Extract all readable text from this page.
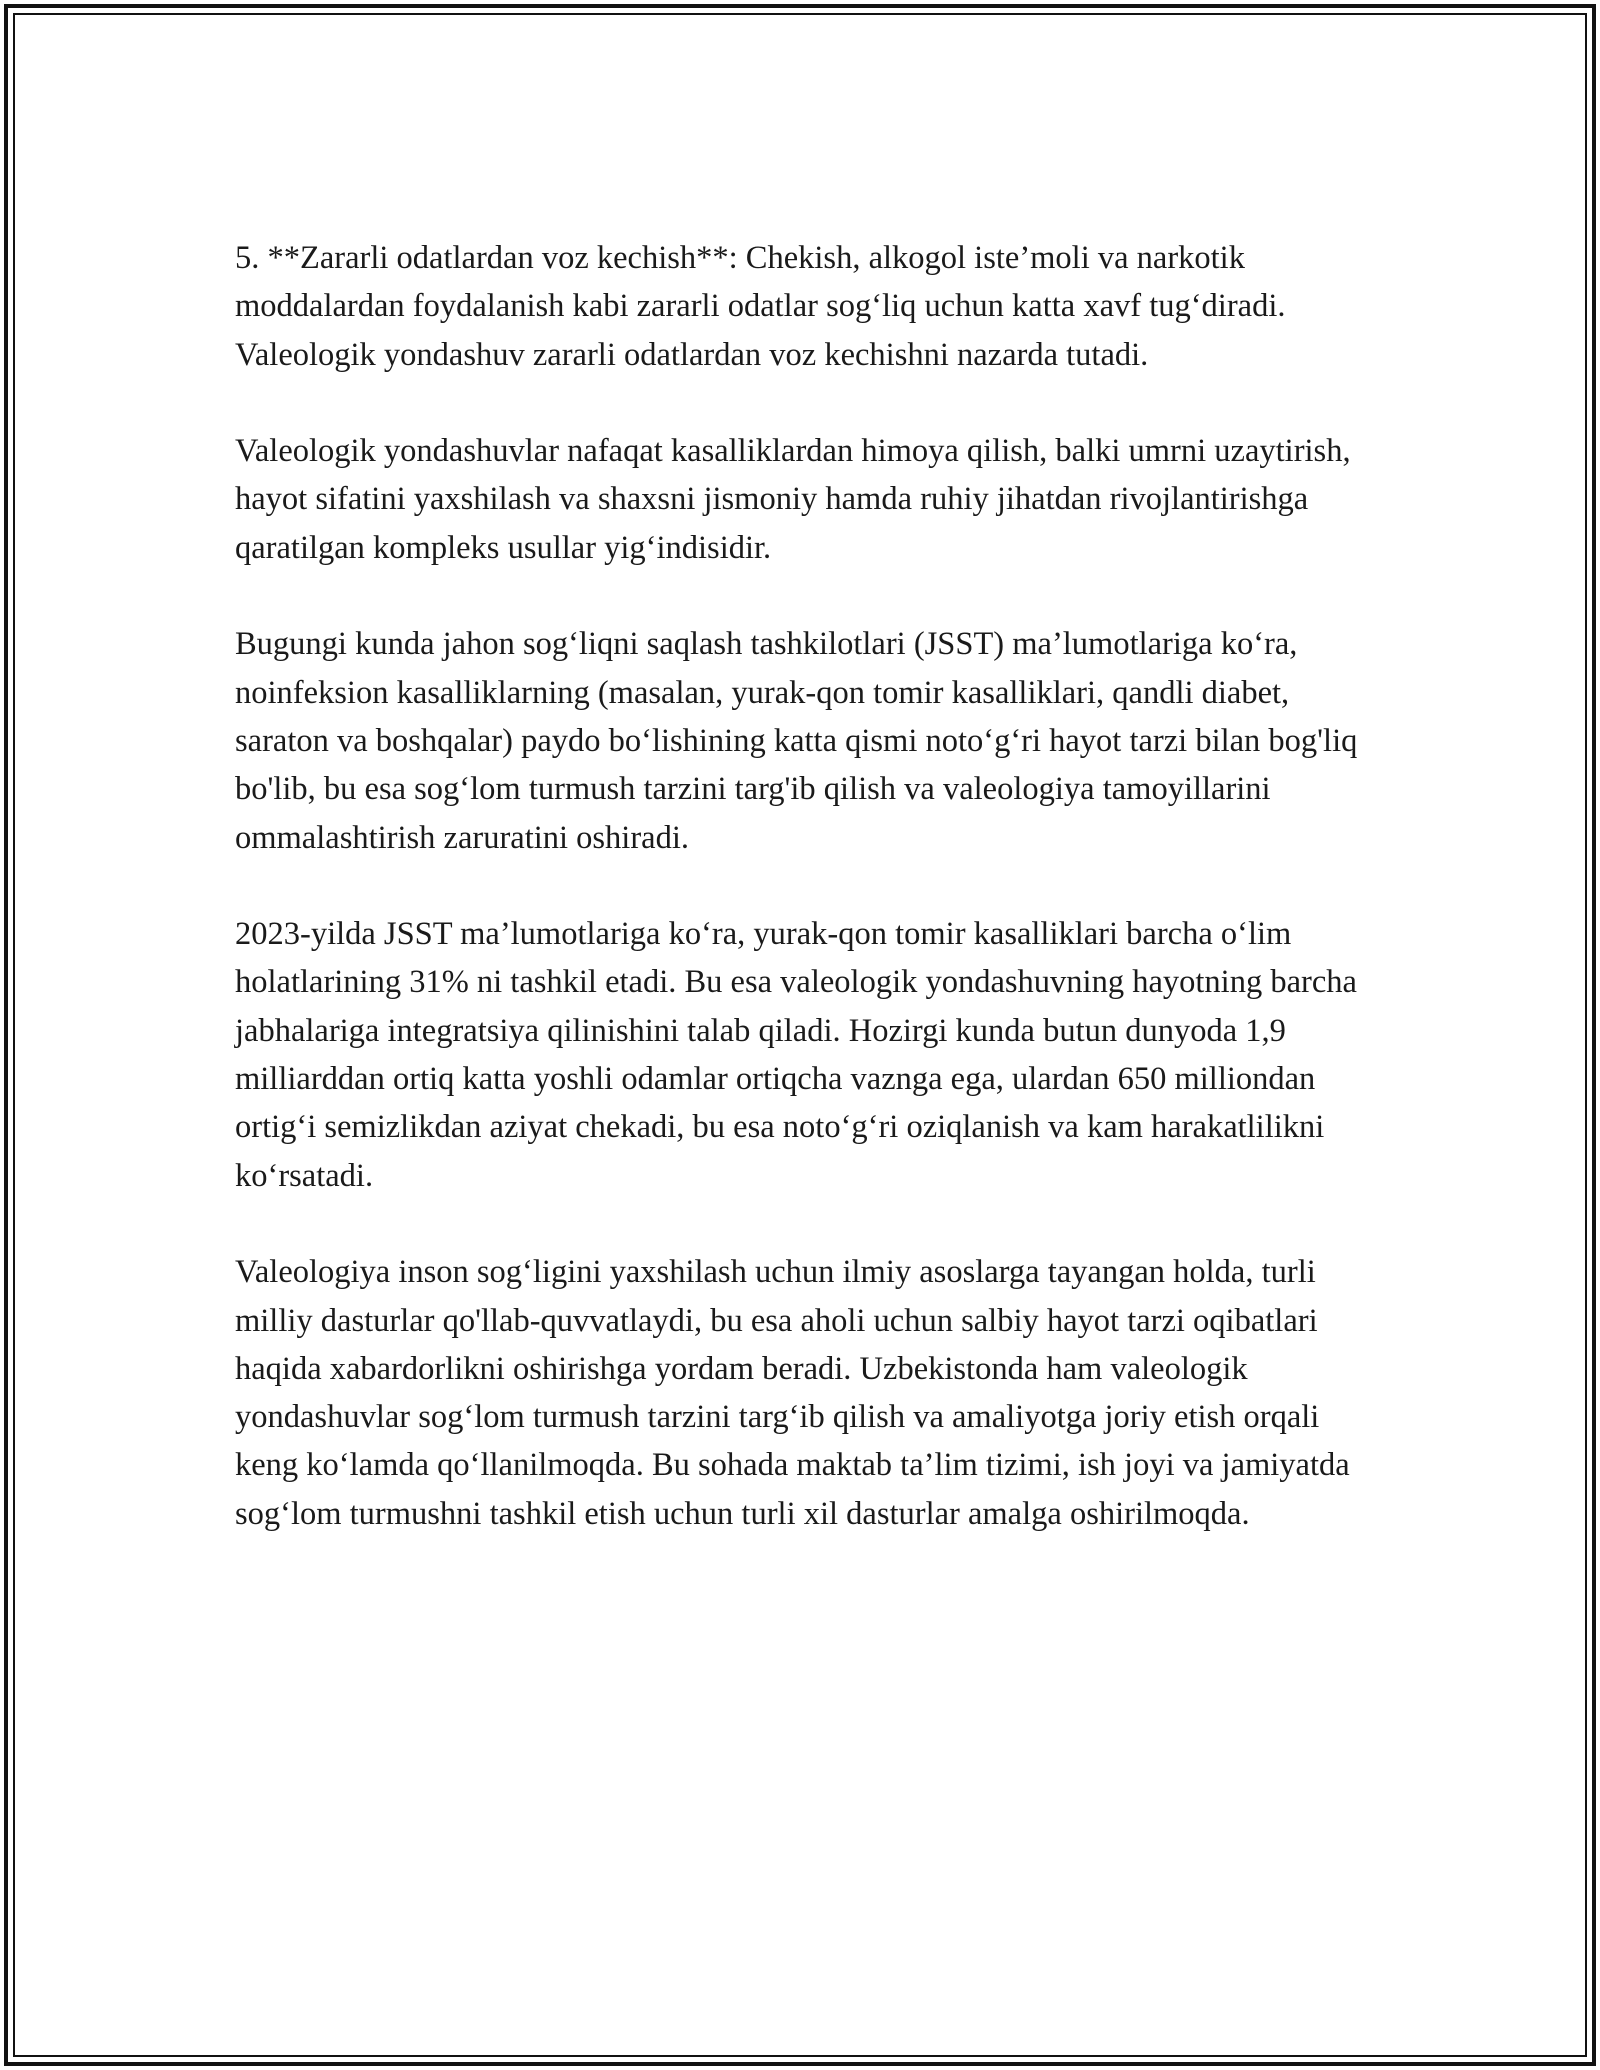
5. **Zararli odatlardan voz kechish**: Chekish, alkogol iste’moli va narkotik moddalardan foydalanish kabi zararli odatlar sog‘liq uchun katta xavf tug‘diradi. Valeologik yondashuv zararli odatlardan voz kechishni nazarda tutadi.

Valeologik yondashuvlar nafaqat kasalliklardan himoya qilish, balki umrni uzaytirish, hayot sifatini yaxshilash va shaxsni jismoniy hamda ruhiy jihatdan rivojlantirishga qaratilgan kompleks usullar yig‘indisidir.

Bugungi kunda jahon sog‘liqni saqlash tashkilotlari (JSST) ma’lumotlariga ko‘ra, noinfeksion kasalliklarning (masalan, yurak-qon tomir kasalliklari, qandli diabet, saraton va boshqalar) paydo bo‘lishining katta qismi noto‘g‘ri hayot tarzi bilan bog'liq bo'lib, bu esa sog‘lom turmush tarzini targ'ib qilish va valeologiya tamoyillarini ommalashtirish zaruratini oshiradi.

2023-yilda JSST ma’lumotlariga ko‘ra, yurak-qon tomir kasalliklari barcha o‘lim holatlarining 31% ni tashkil etadi. Bu esa valeologik yondashuvning hayotning barcha jabhalariga integratsiya qilinishini talab qiladi. Hozirgi kunda butun dunyoda 1,9 milliarddan ortiq katta yoshli odamlar ortiqcha vaznga ega, ulardan 650 milliondan ortig‘i semizlikdan aziyat chekadi, bu esa noto‘g‘ri oziqlanish va kam harakatlilikni ko‘rsatadi.

Valeologiya inson sog‘ligini yaxshilash uchun ilmiy asoslarga tayangan holda, turli milliy dasturlar qo'llab-quvvatlaydi, bu esa aholi uchun salbiy hayot tarzi oqibatlari haqida xabardorlikni oshirishga yordam beradi. Uzbekistonda ham valeologik yondashuvlar sog‘lom turmush tarzini targ‘ib qilish va amaliyotga joriy etish orqali keng ko‘lamda qo‘llanilmoqda. Bu sohada maktab ta’lim tizimi, ish joyi va jamiyatda sog‘lom turmushni tashkil etish uchun turli xil dasturlar amalga oshirilmoqda.
